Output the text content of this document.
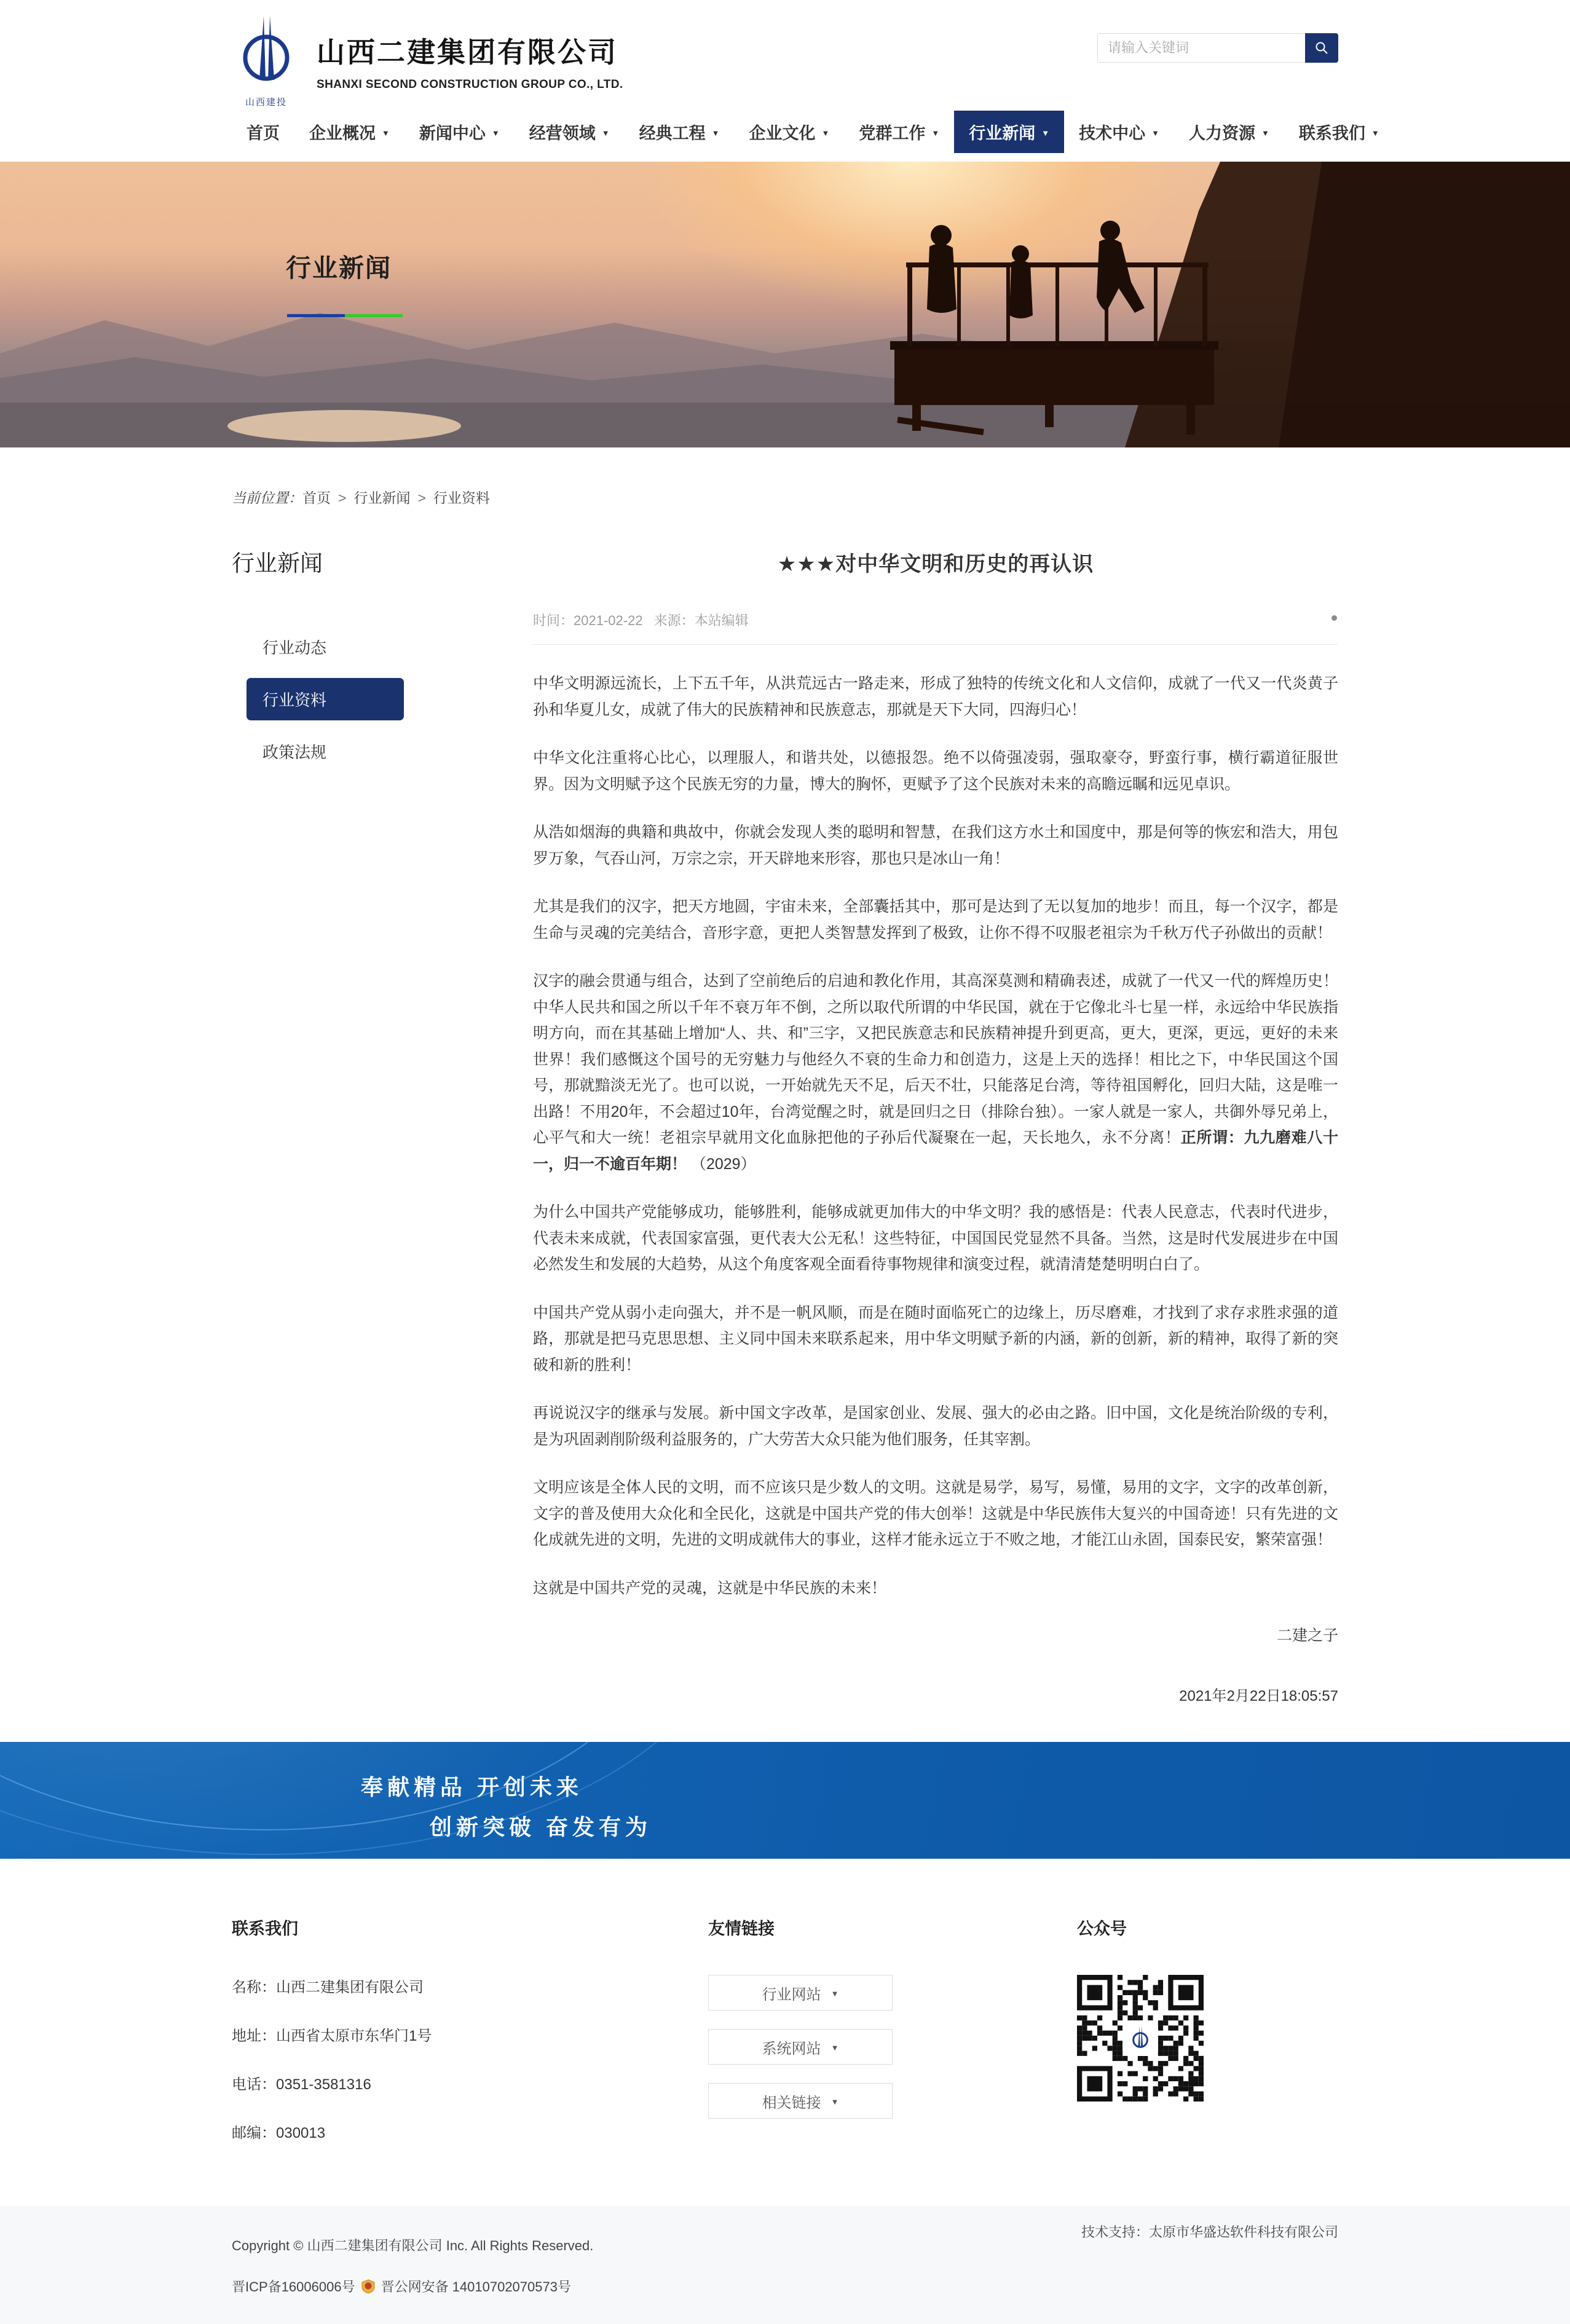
山西建投
山西二建集团有限公司
SHANXI SECOND CONSTRUCTION GROUP CO., LTD.
请输入关键词
首页 企业概况 ▼ 新闻中心 ▼ 经营领域 ▼ 经典工程 ▼ 企业文化 ▼ 党群工作 ▼ 行业新闻 ▼ 技术中心 ▼ 人力资源 ▼ 联系我们 ▼
行业新闻
当前位置：首页 > 行业新闻 > 行业资料
行业新闻
行业动态
行业资料
政策法规
★★★对中华文明和历史的再认识
时间：2021-02-22 来源：本站编辑

中华文明源远流长，上下五千年，从洪荒远古一路走来，形成了独特的传统文化和人文信仰，成就了一代又一代炎黄子孙和华夏儿女，成就了伟大的民族精神和民族意志，那就是天下大同，四海归心！

中华文化注重将心比心，以理服人，和谐共处，以德报怨。绝不以倚强凌弱，强取豪夺，野蛮行事，横行霸道征服世界。因为文明赋予这个民族无穷的力量，博大的胸怀，更赋予了这个民族对未来的高瞻远瞩和远见卓识。

从浩如烟海的典籍和典故中，你就会发现人类的聪明和智慧，在我们这方水土和国度中，那是何等的恢宏和浩大，用包罗万象，气吞山河，万宗之宗，开天辟地来形容，那也只是冰山一角！

尤其是我们的汉字，把天方地圆，宇宙未来，全部囊括其中，那可是达到了无以复加的地步！而且，每一个汉字，都是生命与灵魂的完美结合，音形字意，更把人类智慧发挥到了极致，让你不得不叹服老祖宗为千秋万代子孙做出的贡献！

汉字的融会贯通与组合，达到了空前绝后的启迪和教化作用，其高深莫测和精确表述，成就了一代又一代的辉煌历史！中华人民共和国之所以千年不衰万年不倒，之所以取代所谓的中华民国，就在于它像北斗七星一样，永远给中华民族指明方向，而在其基础上增加“人、共、和”三字，又把民族意志和民族精神提升到更高，更大，更深，更远，更好的未来世界！我们感慨这个国号的无穷魅力与他经久不衰的生命力和创造力，这是上天的选择！相比之下，中华民国这个国号，那就黯淡无光了。也可以说，一开始就先天不足，后天不壮，只能落足台湾，等待祖国孵化，回归大陆，这是唯一出路！不用20年，不会超过10年，台湾觉醒之时，就是回归之日（排除台独）。一家人就是一家人，共御外辱兄弟上，心平气和大一统！老祖宗早就用文化血脉把他的子孙后代凝聚在一起，天长地久，永不分离！正所谓：九九磨难八十一，归一不逾百年期！ （2029）

为什么中国共产党能够成功，能够胜利，能够成就更加伟大的中华文明？我的感悟是：代表人民意志，代表时代进步，代表未来成就，代表国家富强，更代表大公无私！这些特征，中国国民党显然不具备。当然，这是时代发展进步在中国必然发生和发展的大趋势，从这个角度客观全面看待事物规律和演变过程，就清清楚楚明明白白了。

中国共产党从弱小走向强大，并不是一帆风顺，而是在随时面临死亡的边缘上，历尽磨难，才找到了求存求胜求强的道路，那就是把马克思思想、主义同中国未来联系起来，用中华文明赋予新的内涵，新的创新，新的精神，取得了新的突破和新的胜利！

再说说汉字的继承与发展。新中国文字改革，是国家创业、发展、强大的必由之路。旧中国，文化是统治阶级的专利，是为巩固剥削阶级利益服务的，广大劳苦大众只能为他们服务，任其宰割。

文明应该是全体人民的文明，而不应该只是少数人的文明。这就是易学，易写，易懂，易用的文字，文字的改革创新，文字的普及使用大众化和全民化，这就是中国共产党的伟大创举！这就是中华民族伟大复兴的中国奇迹！只有先进的文化成就先进的文明，先进的文明成就伟大的事业，这样才能永远立于不败之地，才能江山永固，国泰民安，繁荣富强！

这就是中国共产党的灵魂，这就是中华民族的未来！

二建之子
2021年2月22日18:05:57
奉献精品 开创未来
创新突破 奋发有为
联系我们

名称：山西二建集团有限公司

地址：山西省太原市东华门1号

电话：0351-3581316

邮编：030013

友情链接
行业网站 ▼
系统网站 ▼
相关链接 ▼
公众号
技术支持：太原市华盛达软件科技有限公司
Copyright © 山西二建集团有限公司 Inc. All Rights Reserved.
晋ICP备16006006号 晋公网安备 14010702070573号
